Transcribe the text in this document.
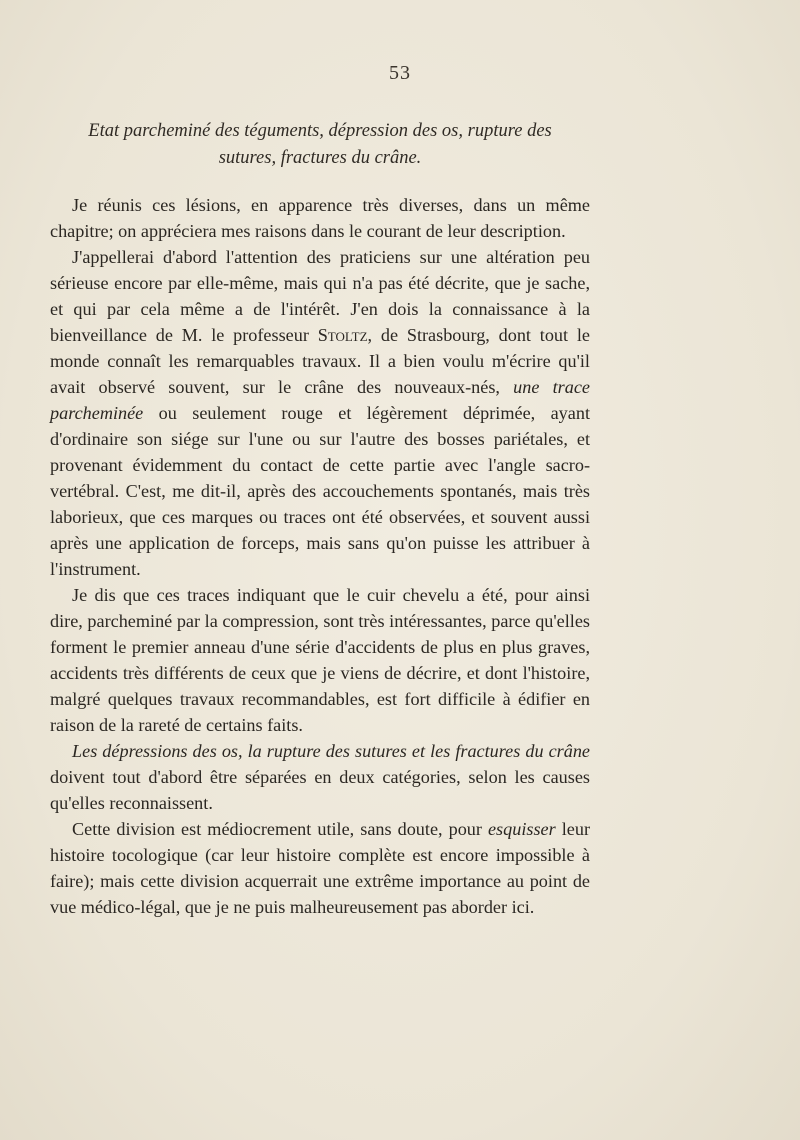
53
Etat parcheminé des téguments, dépression des os, rupture des
sutures, fractures du crâne.

Je réunis ces lésions, en apparence très diverses, dans un même chapitre; on appréciera mes raisons dans le courant de leur description.

J'appellerai d'abord l'attention des praticiens sur une altération peu sérieuse encore par elle-même, mais qui n'a pas été décrite, que je sache, et qui par cela même a de l'intérêt. J'en dois la connaissance à la bienveillance de M. le professeur Stoltz, de Strasbourg, dont tout le monde connaît les remarquables travaux. Il a bien voulu m'écrire qu'il avait observé souvent, sur le crâne des nouveaux-nés, une trace parcheminée ou seulement rouge et légèrement déprimée, ayant d'ordinaire son siége sur l'une ou sur l'autre des bosses pariétales, et provenant évidemment du contact de cette partie avec l'angle sacro-vertébral. C'est, me dit-il, après des accouchements spontanés, mais très laborieux, que ces marques ou traces ont été observées, et souvent aussi après une application de forceps, mais sans qu'on puisse les attribuer à l'instrument.

Je dis que ces traces indiquant que le cuir chevelu a été, pour ainsi dire, parcheminé par la compression, sont très intéressantes, parce qu'elles forment le premier anneau d'une série d'accidents de plus en plus graves, accidents très différents de ceux que je viens de décrire, et dont l'histoire, malgré quelques travaux recommandables, est fort difficile à édifier en raison de la rareté de certains faits.

Les dépressions des os, la rupture des sutures et les fractures du crâne doivent tout d'abord être séparées en deux catégories, selon les causes qu'elles reconnaissent.

Cette division est médiocrement utile, sans doute, pour esquisser leur histoire tocologique (car leur histoire complète est encore impossible à faire); mais cette division acquerrait une extrême importance au point de vue médico-légal, que je ne puis malheureusement pas aborder ici.
